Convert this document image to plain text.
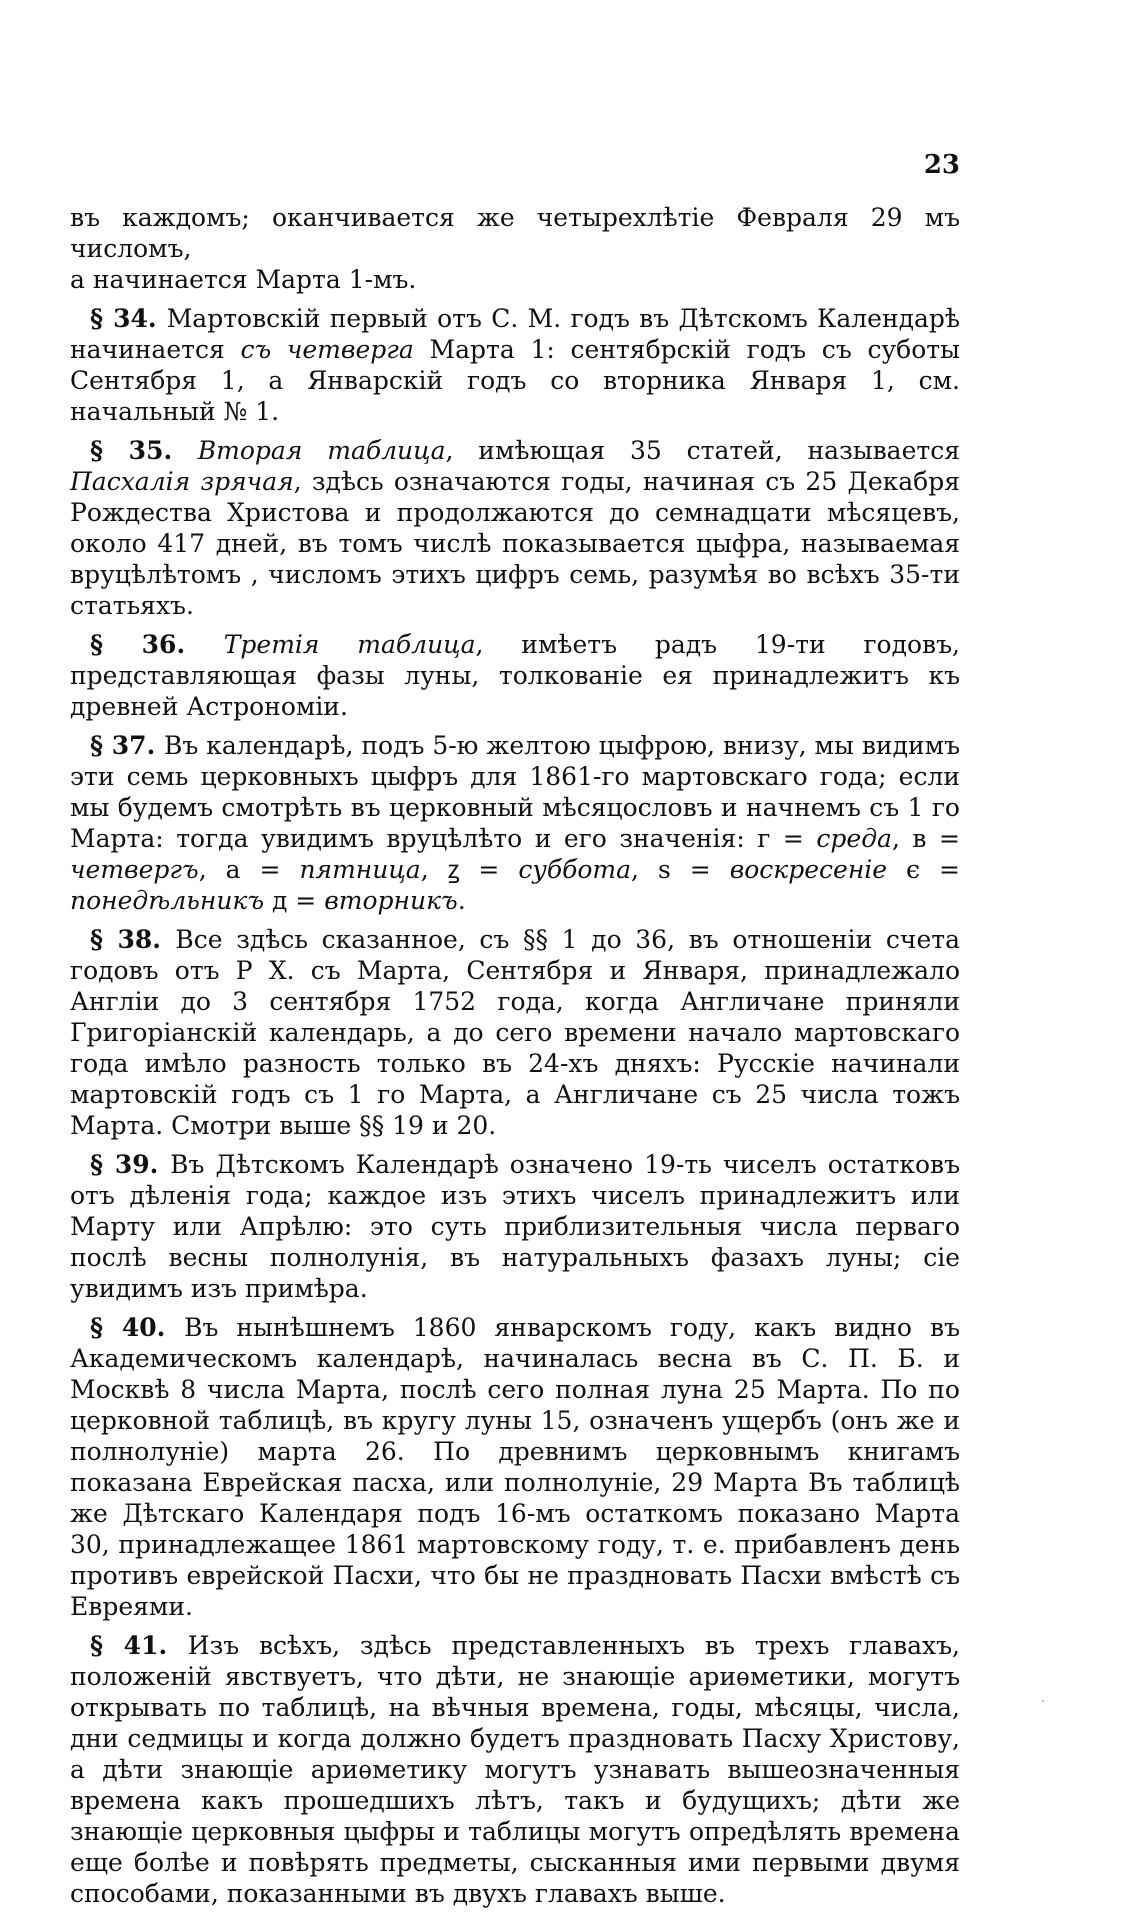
23

въ каждомъ; оканчивается же четырехлѣтіе Февраля 29 мъ числомъ,
а начинается Марта 1-мъ.

§ 34. Мартовскій первый отъ С. М. годъ въ Дѣтскомъ Календарѣ начинается съ четверга Марта 1: сентябрскій годъ съ суботы Сентября 1, а Январскій годъ со вторника Января 1, см. начальный № 1.

§ 35. Вторая таблица, имѣющая 35 статей, называется Пасхалія зрячая, здѣсь означаются годы, начиная съ 25 Декабря Рождества Христова и продолжаются до семнадцати мѣсяцевъ, около 417 дней, въ томъ числѣ показывается цыфра, называемая вруцѣлѣтомъ , числомъ этихъ цифръ семь, разумѣя во всѣхъ 35-ти статьяхъ.

§ 36. Третія таблица, имѣетъ радъ 19-ти годовъ, представляющая фазы луны, толкованіе ея принадлежитъ къ древней Астрономіи.

§ 37. Въ календарѣ, подъ 5-ю желтою цыфрою, внизу, мы видимъ эти семь церковныхъ цыфръ для 1861-го мартовскаго года; если мы будемъ смотрѣть въ церковный мѣсяцословъ и начнемъ съ 1 го Марта: тогда увидимъ вруцѣлѣто и его значенія: г = среда, в = четвергъ, а = пятница, ꙁ = суббота, ѕ = воскресеніе є = понедѣльникъ д = вторникъ.

§ 38. Все здѣсь сказанное, съ §§ 1 до 36, въ отношеніи счета годовъ отъ Р Х. съ Марта, Сентября и Января, принадлежало Англіи до 3 сентября 1752 года, когда Англичане приняли Григоріанскій календарь, а до сего времени начало мартовскаго года имѣло разность только въ 24-хъ дняхъ: Русскіе начинали мартовскій годъ съ 1 го Марта, а Англичане съ 25 числа тожъ Марта. Смотри выше §§ 19 и 20.

§ 39. Въ Дѣтскомъ Календарѣ означено 19-ть чиселъ остатковъ отъ дѣленія года; каждое изъ этихъ чиселъ принадлежитъ или Марту или Апрѣлю: это суть приблизительныя числа перваго послѣ весны полнолунія, въ натуральныхъ фазахъ луны; сіе увидимъ изъ примѣра.

§ 40. Въ нынѣшнемъ 1860 январскомъ году, какъ видно въ Академическомъ календарѣ, начиналась весна въ С. П. Б. и Москвѣ 8 числа Марта, послѣ сего полная луна 25 Марта. По по церковной таблицѣ, въ кругу луны 15, означенъ ущербъ (онъ же и полнолуніе) марта 26. По древнимъ церковнымъ книгамъ показана Еврейская пасха, или полнолуніе, 29 Марта Въ таблицѣ же Дѣтскаго Календаря подъ 16-мъ остаткомъ показано Марта 30, принадлежащее 1861 мартовскому году, т. е. прибавленъ день противъ еврейской Пасхи, что бы не праздновать Пасхи вмѣстѣ съ Евреями.

§ 41. Изъ всѣхъ, здѣсь представленныхъ въ трехъ главахъ, положеній явствуетъ, что дѣти, не знающіе ариѳметики, могутъ открывать по таблицѣ, на вѣчныя времена, годы, мѣсяцы, числа, дни седмицы и когда должно будетъ праздновать Пасху Христову, а дѣти знающіе ариѳметику могутъ узнавать вышеозначенныя времена какъ прошедшихъ лѣтъ, такъ и будущихъ; дѣти же знающіе церковныя цыфры и таблицы могутъ опредѣлять времена еще болѣе и повѣрять предметы, сысканныя ими первыми двумя способами, показанными въ двухъ главахъ выше.

ˊ
